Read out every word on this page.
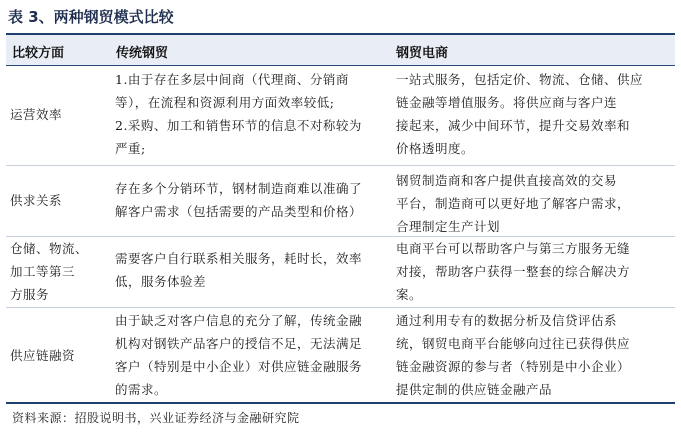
表 3、两种钢贸模式比较
比较方面	传统钢贸	钢贸电商
运营效率
1.由于存在多层中间商（代理商、分销商
等），在流程和资源利用方面效率较低;
2.采购、加工和销售环节的信息不对称较为
严重;
一站式服务，包括定价、物流、仓储、供应
链金融等增值服务。将供应商与客户连
接起来，减少中间环节，提升交易效率和
价格透明度。
供求关系
存在多个分销环节，钢材制造商难以准确了
解客户需求（包括需要的产品类型和价格）
钢贸制造商和客户提供直接高效的交易
平台，制造商可以更好地了解客户需求，
合理制定生产计划
仓储、物流、
加工等第三
方服务
需要客户自行联系相关服务，耗时长，效率
低，服务体验差
电商平台可以帮助客户与第三方服务无缝
对接，帮助客户获得一整套的综合解决方
案。
供应链融资
由于缺乏对客户信息的充分了解，传统金融
机构对钢铁产品客户的授信不足，无法满足
客户（特别是中小企业）对供应链金融服务
的需求。
通过利用专有的数据分析及信贷评估系
统，钢贸电商平台能够向过往已获得供应
链金融资源的参与者（特别是中小企业）
提供定制的供应链金融产品
资料来源：招股说明书，兴业证券经济与金融研究院
